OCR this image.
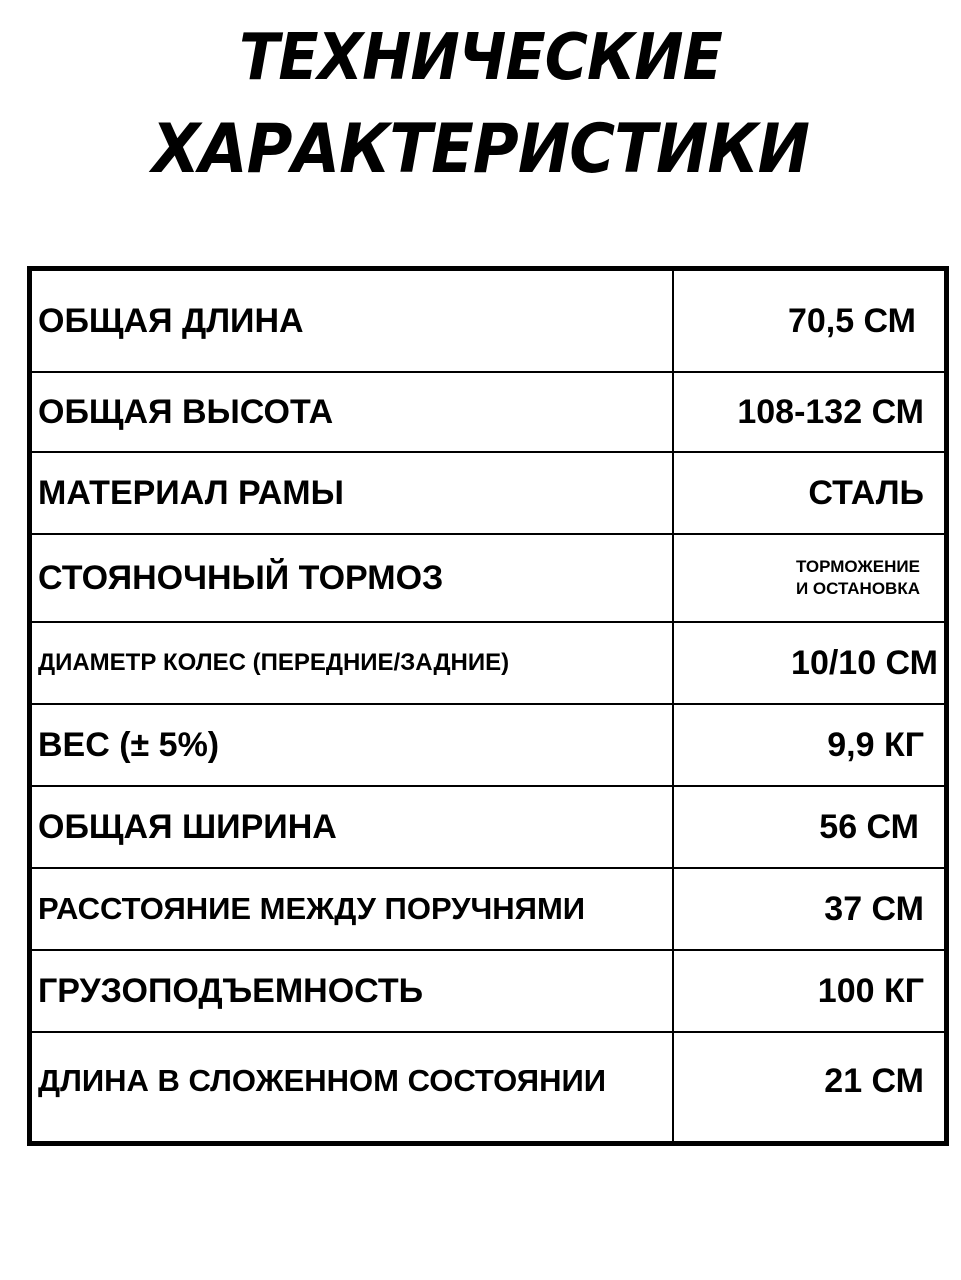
ТЕХНИЧЕСКИЕ
ХАРАКТЕРИСТИКИ
ОБЩАЯ ДЛИНА	70,5 СМ
ОБЩАЯ ВЫСОТА	108-132 СМ
МАТЕРИАЛ РАМЫ	СТАЛЬ
СТОЯНОЧНЫЙ ТОРМОЗ	ТОРМОЖЕНИЕ
И ОСТАНОВКА
ДИАМЕТР КОЛЕС (ПЕРЕДНИЕ/ЗАДНИЕ)	10/10 СМ
ВЕС (± 5%)	9,9 КГ
ОБЩАЯ ШИРИНА	56 СМ
РАССТОЯНИЕ МЕЖДУ ПОРУЧНЯМИ	37 СМ
ГРУЗОПОДЪЕМНОСТЬ	100 КГ
ДЛИНА В СЛОЖЕННОМ СОСТОЯНИИ	21 СМ
